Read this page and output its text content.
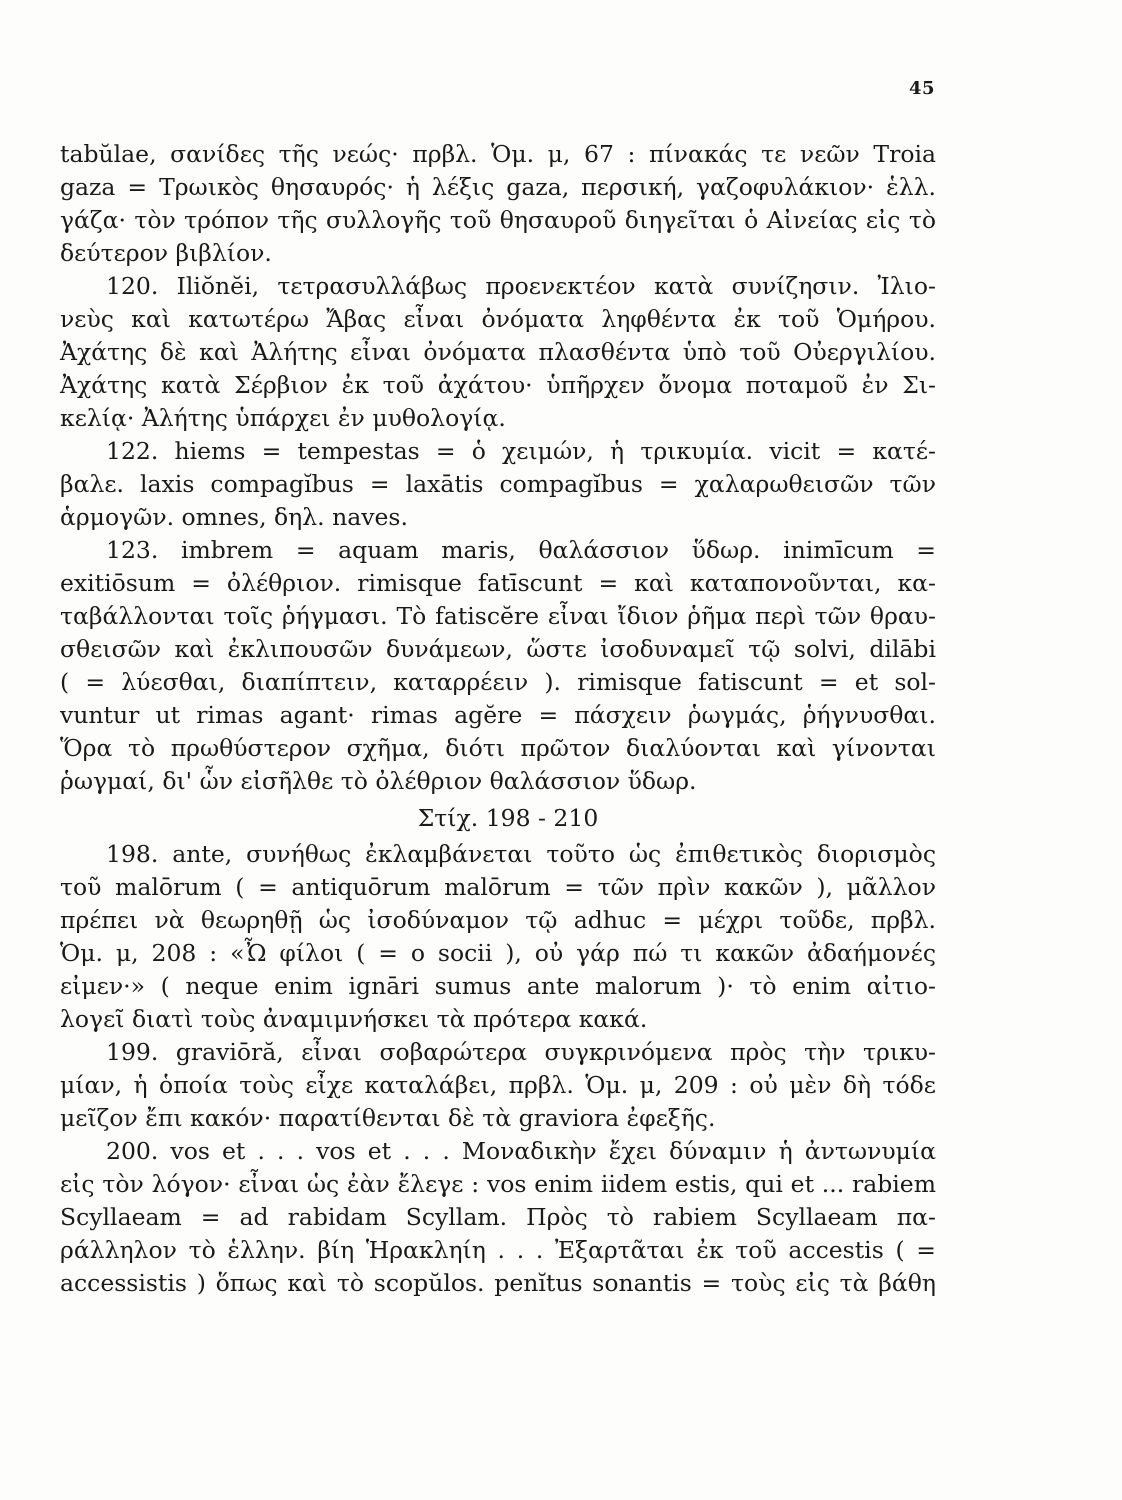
45
tabŭlae, σανίδες τῆς νεώς· πρβλ. Ὁμ. μ, 67 : πίνακάς τε νεῶν Troia
gaza = Τρωικὸς θησαυρός· ἡ λέξις gaza, περσική, γαζοφυλάκιον· ἑλλ.
γάζα· τὸν τρόπον τῆς συλλογῆς τοῦ θησαυροῦ διηγεῖται ὁ Αἰνείας εἰς τὸ
δεύτερον βιβλίον.
120. Iliŏnĕi, τετρασυλλάβως προενεκτέον κατὰ συνίζησιν. Ἰλιο-
νεὺς καὶ κατωτέρω Ἄβας εἶναι ὀνόματα ληφθέντα ἐκ τοῦ Ὁμήρου.
Ἀχάτης δὲ καὶ Ἀλήτης εἶναι ὀνόματα πλασθέντα ὑπὸ τοῦ Οὐεργιλίου.
Ἀχάτης κατὰ Σέρβιον ἐκ τοῦ ἀχάτου· ὑπῆρχεν ὄνομα ποταμοῦ ἐν Σι-
κελίᾳ· Ἀλήτης ὑπάρχει ἐν μυθολογίᾳ.
122. hiems = tempestas = ὁ χειμών, ἡ τρικυμία. vicit = κατέ-
βαλε. laxis compagĭbus = laxātis compagĭbus = χαλαρωθεισῶν τῶν
ἁρμογῶν. omnes, δηλ. naves.
123. imbrem = aquam maris, θαλάσσιον ὕδωρ. inimīcum =
exitiōsum = ὀλέθριον. rimisque fatīscunt = καὶ καταπονοῦνται, κα-
ταβάλλονται τοῖς ῥήγμασι. Τὸ fatiscĕre εἶναι ἴδιον ῥῆμα περὶ τῶν θραυ-
σθεισῶν καὶ ἐκλιπουσῶν δυνάμεων, ὥστε ἰσοδυναμεῖ τῷ solvi, dilābi
( = λύεσθαι, διαπίπτειν, καταρρέειν ). rimisque fatiscunt = et sol-
vuntur ut rimas agant· rimas agĕre = πάσχειν ῥωγμάς, ῥήγνυσθαι.
Ὅρα τὸ πρωθύστερον σχῆμα, διότι πρῶτον διαλύονται καὶ γίνονται
ῥωγμαί, δι' ὧν εἰσῆλθε τὸ ὀλέθριον θαλάσσιον ὕδωρ.
Στίχ. 198 - 210
198. ante, συνήθως ἐκλαμβάνεται τοῦτο ὡς ἐπιθετικὸς διορισμὸς
τοῦ malōrum ( = antiquōrum malōrum = τῶν πρὶν κακῶν ), μᾶλλον
πρέπει νὰ θεωρηθῇ ὡς ἰσοδύναμον τῷ adhuc = μέχρι τοῦδε, πρβλ.
Ὁμ. μ, 208 : «Ὦ φίλοι ( = o socii ), οὐ γάρ πώ τι κακῶν ἀδαήμονές
εἰμεν·» ( neque enim ignāri sumus ante malorum )· τὸ enim αἰτιο-
λογεῖ διατὶ τοὺς ἀναμιμνήσκει τὰ πρότερα κακά.
199. graviōră, εἶναι σοβαρώτερα συγκρινόμενα πρὸς τὴν τρικυ-
μίαν, ἡ ὁποία τοὺς εἶχε καταλάβει, πρβλ. Ὁμ. μ, 209 : οὐ μὲν δὴ τόδε
μεῖζον ἔπι κακόν· παρατίθενται δὲ τὰ graviora ἐφεξῆς.
200. vos et . . . vos et . . . Μοναδικὴν ἔχει δύναμιν ἡ ἀντωνυμία
εἰς τὸν λόγον· εἶναι ὡς ἐὰν ἔλεγε : vos enim iidem estis, qui et ... rabiem
Scyllaeam = ad rabidam Scyllam. Πρὸς τὸ rabiem Scyllaeam πα-
ράλληλον τὸ ἑλλην. βίη Ἡρακληίη . . . Ἐξαρτᾶται ἐκ τοῦ accestis ( =
accessistis ) ὅπως καὶ τὸ scopŭlos. penĭtus sonantis = τοὺς εἰς τὰ βάθη
